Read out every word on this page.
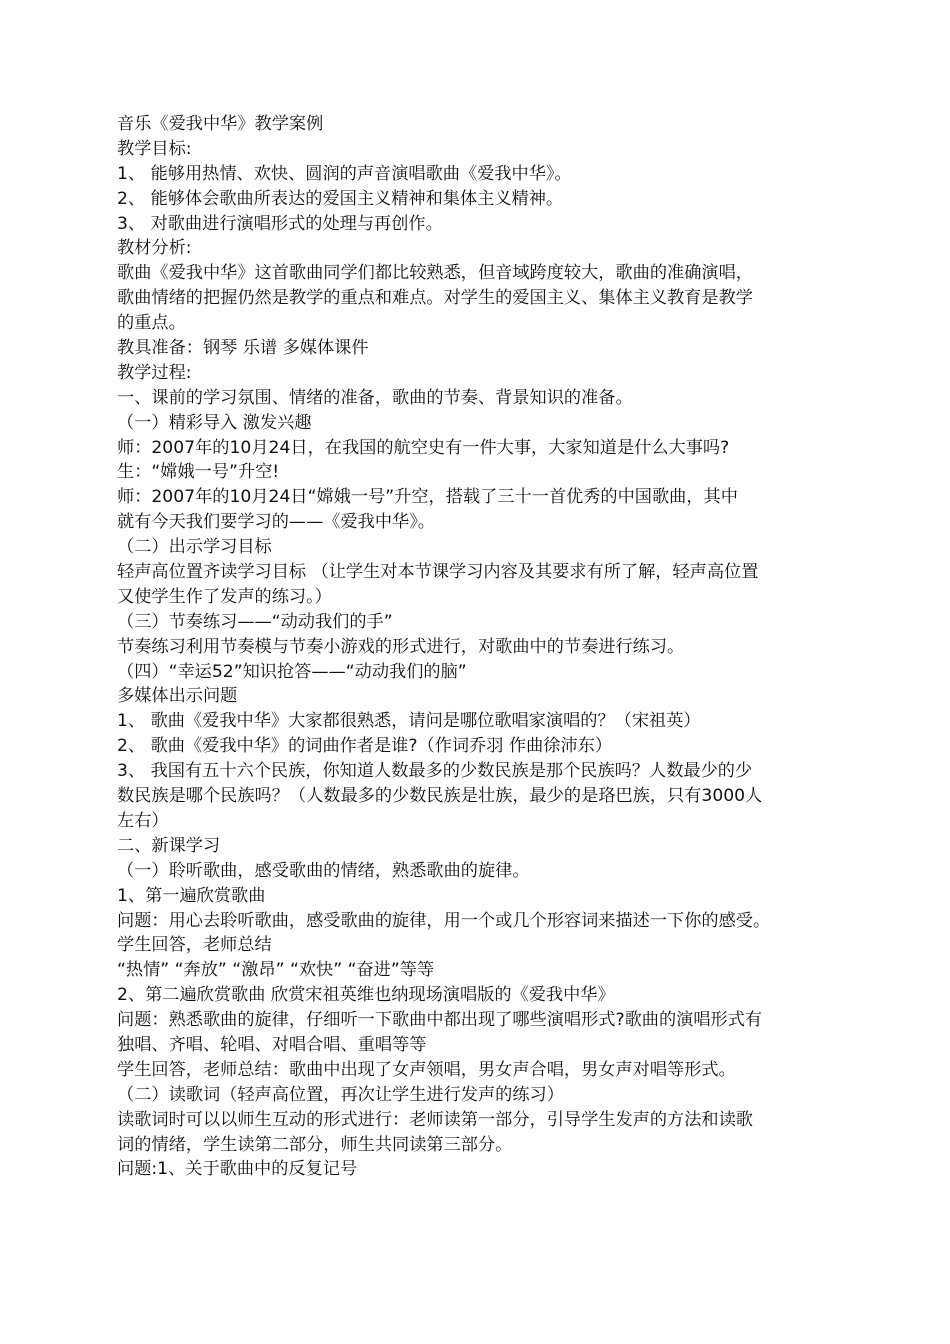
音乐《爱我中华》教学案例
教学目标:
1、 能够用热情、欢快、圆润的声音演唱歌曲《爱我中华》。
2、 能够体会歌曲所表达的爱国主义精神和集体主义精神。
3、 对歌曲进行演唱形式的处理与再创作。
教材分析:
歌曲《爱我中华》这首歌曲同学们都比较熟悉，但音域跨度较大，歌曲的准确演唱，
歌曲情绪的把握仍然是教学的重点和难点。对学生的爱国主义、集体主义教育是教学
的重点。
教具准备：钢琴 乐谱 多媒体课件
教学过程:
一、课前的学习氛围、情绪的准备，歌曲的节奏、背景知识的准备。
（一）精彩导入 激发兴趣
师：2007年的10月24日，在我国的航空史有一件大事，大家知道是什么大事吗?
生：“嫦娥一号”升空!
师：2007年的10月24日“嫦娥一号”升空，搭载了三十一首优秀的中国歌曲，其中
就有今天我们要学习的——《爱我中华》。
（二）出示学习目标
轻声高位置齐读学习目标 （让学生对本节课学习内容及其要求有所了解，轻声高位置
又使学生作了发声的练习。）
（三）节奏练习——“动动我们的手”
节奏练习利用节奏模与节奏小游戏的形式进行，对歌曲中的节奏进行练习。
（四）“幸运52”知识抢答——“动动我们的脑”
多媒体出示问题
1、 歌曲《爱我中华》大家都很熟悉，请问是哪位歌唱家演唱的？（宋祖英）
2、 歌曲《爱我中华》的词曲作者是谁?（作词乔羽 作曲徐沛东）
3、 我国有五十六个民族，你知道人数最多的少数民族是那个民族吗？人数最少的少
数民族是哪个民族吗？（人数最多的少数民族是壮族，最少的是珞巴族，只有3000人
左右）
二、新课学习
（一）聆听歌曲，感受歌曲的情绪，熟悉歌曲的旋律。
1、第一遍欣赏歌曲
问题：用心去聆听歌曲，感受歌曲的旋律，用一个或几个形容词来描述一下你的感受。
学生回答，老师总结
“热情” “奔放” “激昂” “欢快” “奋进”等等
2、第二遍欣赏歌曲 欣赏宋祖英维也纳现场演唱版的《爱我中华》
问题：熟悉歌曲的旋律，仔细听一下歌曲中都出现了哪些演唱形式?歌曲的演唱形式有
独唱、齐唱、轮唱、对唱合唱、重唱等等
学生回答，老师总结：歌曲中出现了女声领唱，男女声合唱，男女声对唱等形式。
（二）读歌词（轻声高位置，再次让学生进行发声的练习）
读歌词时可以以师生互动的形式进行：老师读第一部分，引导学生发声的方法和读歌
词的情绪，学生读第二部分，师生共同读第三部分。
问题:1、关于歌曲中的反复记号
